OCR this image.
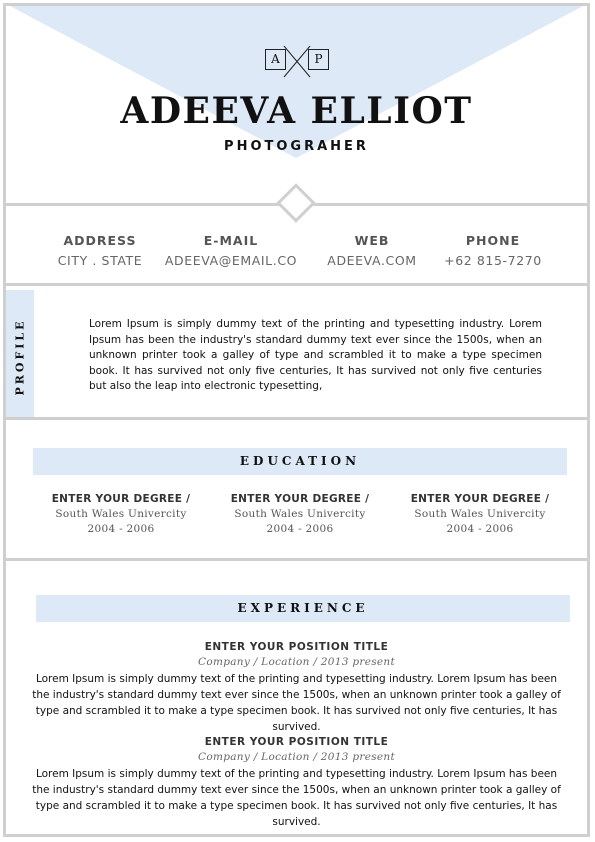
A	P
ADEEVA ELLIOT
PHOTOGRAHER
ADDRESS
CITY . STATE
E-MAIL
ADEEVA@EMAIL.CO
WEB
ADEEVA.COM
PHONE
+62 815-7270
PROFILE	Lorem Ipsum is simply dummy text of the printing and typesetting industry. Lorem Ipsum has been the industry's standard dummy text ever since the 1500s, when an unknown printer took a galley of type and scrambled it to make a type specimen book. It has survived not only five centuries, It has survived not only five centuries but also the leap into electronic typesetting,
EDUCATION
ENTER YOUR DEGREE /
South Wales Univercity
2004 - 2006
ENTER YOUR DEGREE /
South Wales Univercity
2004 - 2006
ENTER YOUR DEGREE /
South Wales Univercity
2004 - 2006
EXPERIENCE
ENTER YOUR POSITION TITLE
Company / Location / 2013 present
Lorem Ipsum is simply dummy text of the printing and typesetting industry. Lorem Ipsum has been the industry's standard dummy text ever since the 1500s, when an unknown printer took a galley of type and scrambled it to make a type specimen book. It has survived not only five centuries, It has survived.
ENTER YOUR POSITION TITLE
Company / Location / 2013 present
Lorem Ipsum is simply dummy text of the printing and typesetting industry. Lorem Ipsum has been the industry's standard dummy text ever since the 1500s, when an unknown printer took a galley of type and scrambled it to make a type specimen book. It has survived not only five centuries, It has survived.
